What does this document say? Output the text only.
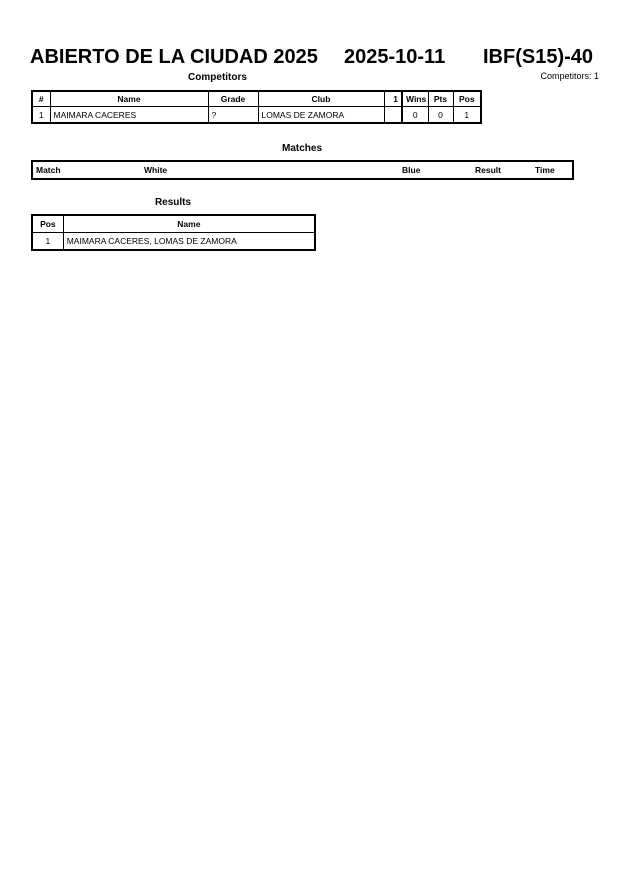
ABIERTO DE LA CIUDAD 2025 2025-10-11 IBF(S15)-40
Competitors: 1
Competitors
#	Name	Grade	Club	1	Wins	Pts	Pos
1	MAIMARA CACERES	?	LOMAS DE ZAMORA		0	0	1
Matches
Match	White	Blue	Result	Time
Results
Pos	Name
1	MAIMARA CACERES, LOMAS DE ZAMORA
